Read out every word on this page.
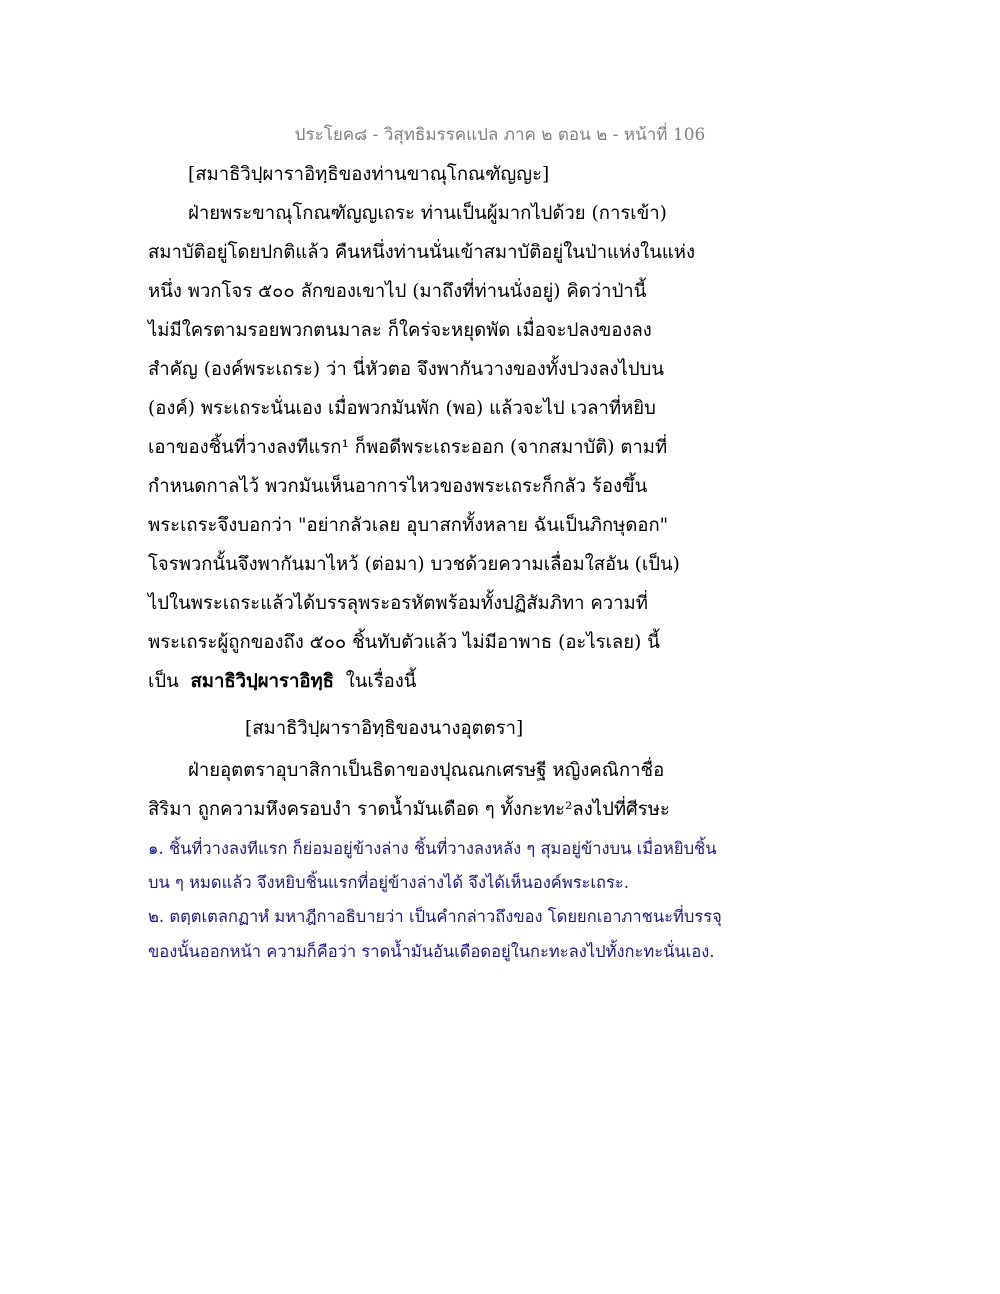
ประโยค๘ - วิสุทธิมรรคแปล ภาค ๒ ตอน ๒ - หน้าที่ 106
[สมาธิวิปฺผาราอิทฺธิของท่านขาณุโกณฑัญญะ]
ฝ่ายพระขาณุโกณฑัญญเถระ ท่านเป็นผู้มากไปด้วย (การเข้า)
สมาบัติอยู่โดยปกติแล้ว คืนหนึ่งท่านนั่นเข้าสมาบัติอยู่ในป่าแห่งในแห่ง
หนึ่ง พวกโจร ๕๐๐ ลักของเขาไป (มาถึงที่ท่านนั่งอยู่) คิดว่าป่านี้
ไม่มีใครตามรอยพวกตนมาละ ก็ใคร่จะหยุดพัด เมื่อจะปลงของลง
สำคัญ (องค์พระเถระ) ว่า นี่หัวตอ จึงพากันวางของทั้งปวงลงไปบน
(องค์) พระเถระนั่นเอง เมื่อพวกมันพัก (พอ) แล้วจะไป เวลาที่หยิบ
เอาของชิ้นที่วางลงทีแรก¹ ก็พอดีพระเถระออก (จากสมาบัติ) ตามที่
กำหนดกาลไว้ พวกมันเห็นอาการไหวของพระเถระก็กลัว ร้องขึ้น
พระเถระจึงบอกว่า "อย่ากลัวเลย อุบาสกทั้งหลาย ฉันเป็นภิกษุดอก"
โจรพวกนั้นจึงพากันมาไหว้ (ต่อมา) บวชด้วยความเลื่อมใสอัน (เป็น)
ไปในพระเถระแล้วได้บรรลุพระอรหัตพร้อมทั้งปฏิสัมภิทา ความที่
พระเถระผู้ถูกของถึง ๕๐๐ ชิ้นทับตัวแล้ว ไม่มีอาพาธ (อะไรเลย) นี้
เป็น สมาธิวิปฺผาราอิทฺธิ ในเรื่องนี้
[สมาธิวิปฺผาราอิทฺธิของนางอุตตรา]
ฝ่ายอุตตราอุบาสิกาเป็นธิดาของปุณณกเศรษฐี หญิงคณิกาชื่อ
สิริมา ถูกความหึงครอบงำ ราดน้ำมันเดือด ๆ ทั้งกะทะ²ลงไปที่ศีรษะ
๑. ชิ้นที่วางลงทีแรก ก็ย่อมอยู่ข้างล่าง ชิ้นที่วางลงหลัง ๆ สุมอยู่ข้างบน เมื่อหยิบชิ้น
บน ๆ หมดแล้ว จึงหยิบชิ้นแรกที่อยู่ข้างล่างได้ จึงได้เห็นองค์พระเถระ.
๒. ตตฺตเตลกฏาหํ มหาฎีกาอธิบายว่า เป็นคำกล่าวถึงของ โดยยกเอาภาชนะที่บรรจุ
ของนั้นออกหน้า ความก็คือว่า ราดน้ำมันอันเดือดอยู่ในกะทะลงไปทั้งกะทะนั่นเอง.
